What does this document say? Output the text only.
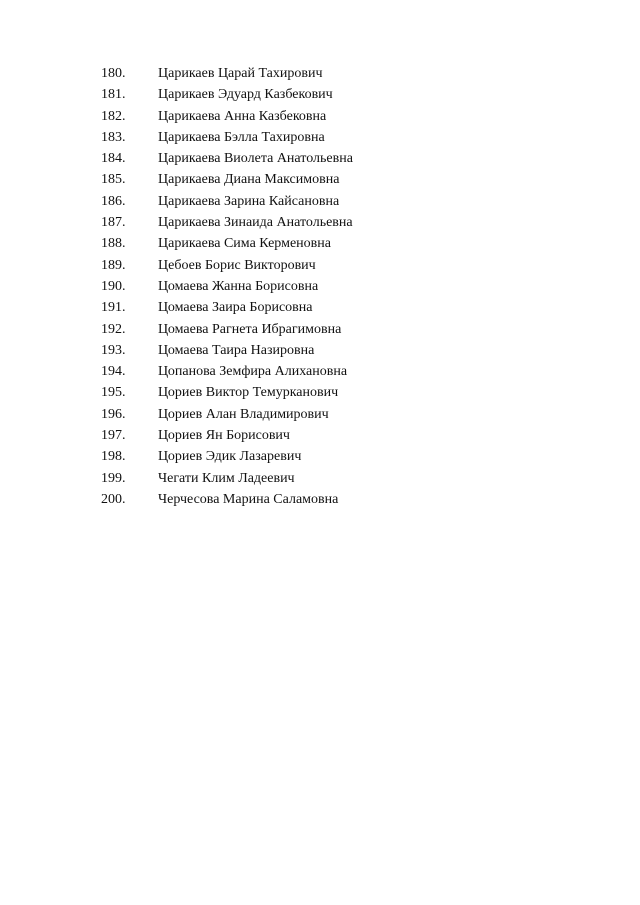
180. Царикаев Царай Тахирович
181. Царикаев Эдуард Казбекович
182. Царикаева Анна Казбековна
183. Царикаева Бэлла Тахировна
184. Царикаева Виолета Анатольевна
185. Царикаева Диана Максимовна
186. Царикаева Зарина Кайсановна
187. Царикаева Зинаида Анатольевна
188. Царикаева Сима Керменовна
189. Цебоев Борис Викторович
190. Цомаева Жанна Борисовна
191. Цомаева Заира Борисовна
192. Цомаева Рагнета Ибрагимовна
193. Цомаева Таира Назировна
194. Цопанова Земфира Алихановна
195. Цориев Виктор Темурканович
196. Цориев Алан Владимирович
197. Цориев Ян Борисович
198. Цориев Эдик Лазаревич
199. Чегати Клим Ладеевич
200. Черчесова Марина Саламовна
